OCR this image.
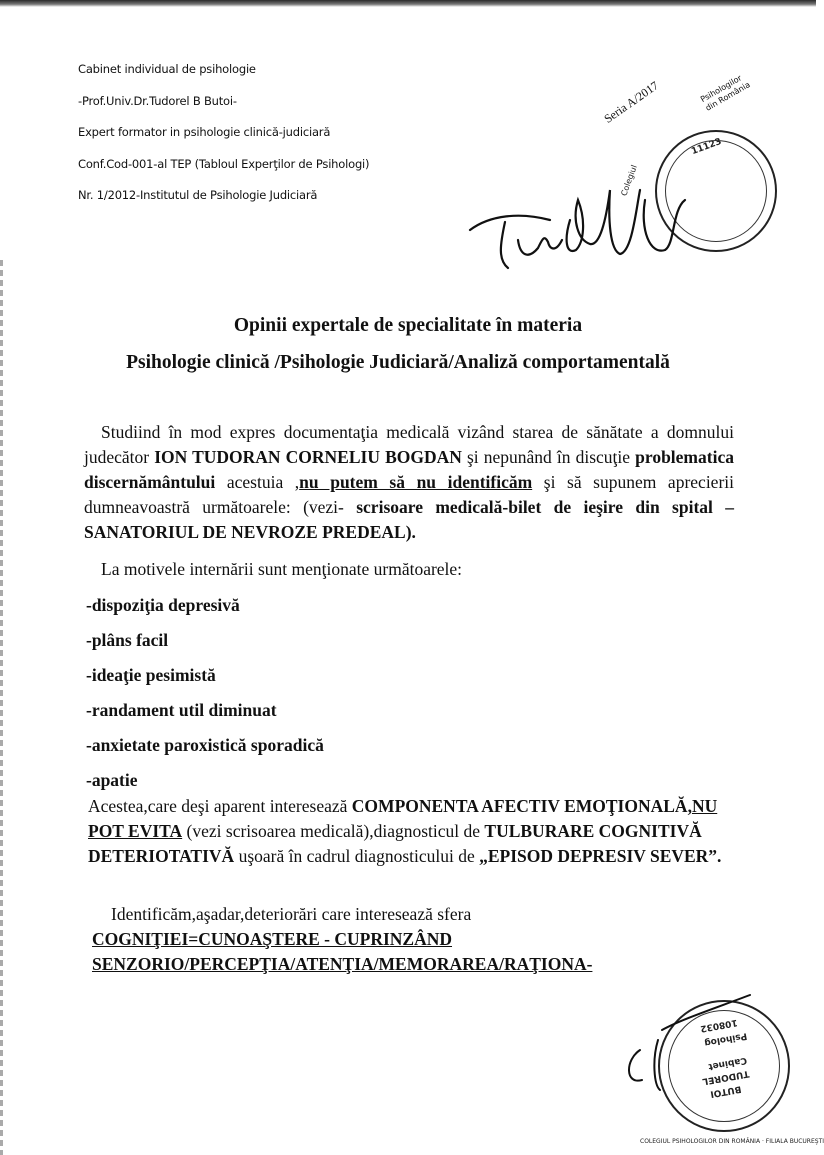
Cabinet individual de psihologie
-Prof.Univ.Dr.Tudorel B Butoi-
Expert formator in psihologie clinică-judiciară
Conf.Cod-001-al TEP (Tabloul Experţilor de Psihologi)
Nr. 1/2012-Institutul de Psihologie Judiciară
11123
Colegiul
Seria A/2017	Psihologilor din România
Opinii expertale de specialitate în materia
Psihologie clinică /Psihologie Judiciară/Analiză comportamentală
Studiind în mod expres documentaţia medicală vizând starea de sănătate a domnului judecător ION TUDORAN CORNELIU BOGDAN şi nepunând în discuţie problematica discernământului acestuia ,nu putem să nu identificăm şi să supunem aprecierii dumneavoastră următoarele: (vezi- scrisoare medicală-bilet de ieşire din spital –SANATORIUL DE NEVROZE PREDEAL).
La motivele internării sunt menţionate următoarele:
-dispoziţia depresivă
-plâns facil
-ideaţie pesimistă
-randament util diminuat
-anxietate paroxistică sporadică
-apatie
Acestea,care deşi aparent interesează COMPONENTA AFECTIV EMOŢIONALĂ,NU POT EVITA (vezi scrisoarea medicală),diagnosticul de TULBURARE COGNITIVĂ DETERIOTATIVĂ uşoară în cadrul diagnosticului de „EPISOD DEPRESIV SEVER”.
Identificăm,aşadar,deteriorări care interesează sfera
COGNIŢIEI=CUNOAŞTERE - CUPRINZÂND SENZORIO/PERCEPŢIA/ATENŢIA/MEMORAREA/RAŢIONA-
108032
Psiholog
Cabinet
TUDOREL
BUTOI
COLEGIUL PSIHOLOGILOR DIN ROMÂNIA · FILIALA BUCUREŞTI
